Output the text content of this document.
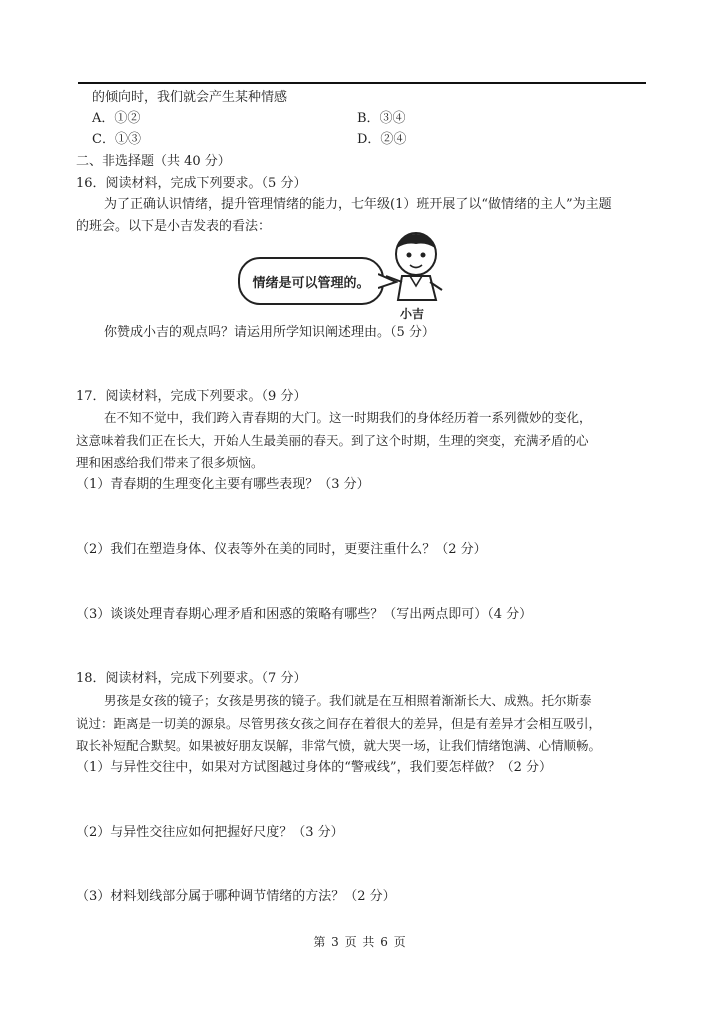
的倾向时，我们就会产生某种情感
A．①②	B．③④
C．①③	D．②④
二、非选择题（共 40 分）
16．阅读材料，完成下列要求。（5 分）
为了正确认识情绪，提升管理情绪的能力，七年级(1）班开展了以“做情绪的主人”为主题
的班会。以下是小吉发表的看法：
情绪是可以管理的。
小吉
你赞成小吉的观点吗？请运用所学知识阐述理由。（5 分）
17．阅读材料，完成下列要求。（9 分）
在不知不觉中，我们跨入青春期的大门。这一时期我们的身体经历着一系列微妙的变化，
这意味着我们正在长大，开始人生最美丽的春天。到了这个时期，生理的突变，充满矛盾的心
理和困惑给我们带来了很多烦恼。
（1）青春期的生理变化主要有哪些表现？（3 分）
（2）我们在塑造身体、仪表等外在美的同时，更要注重什么？（2 分）
（3）谈谈处理青春期心理矛盾和困惑的策略有哪些？（写出两点即可）（4 分）
18．阅读材料，完成下列要求。（7 分）
男孩是女孩的镜子；女孩是男孩的镜子。我们就是在互相照着渐渐长大、成熟。托尔斯泰
说过：距离是一切美的源泉。尽管男孩女孩之间存在着很大的差异，但是有差异才会相互吸引，
取长补短配合默契。如果被好朋友误解，非常气愤，就大哭一场，让我们情绪饱满、心情顺畅。
（1）与异性交往中，如果对方试图越过身体的“警戒线”，我们要怎样做？（2 分）
（2）与异性交往应如何把握好尺度？（3 分）
（3）材料划线部分属于哪种调节情绪的方法？（2 分）
第 3 页 共 6 页
